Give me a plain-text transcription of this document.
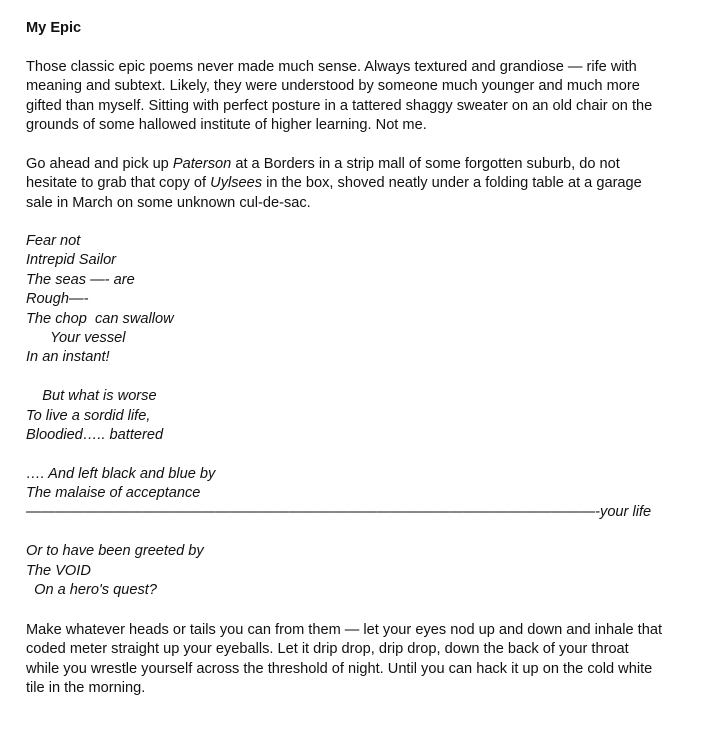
My Epic

Those classic epic poems never made much sense. Always textured and grandiose — rife with meaning and subtext. Likely, they were understood by someone much younger and much more gifted than myself. Sitting with perfect posture in a tattered shaggy sweater on an old chair on the grounds of some hallowed institute of higher learning. Not me.

Go ahead and pick up Paterson at a Borders in a strip mall of some forgotten suburb, do not hesitate to grab that copy of Uylsees in the box, shoved neatly under a folding table at a garage sale in March on some unknown cul-de-sac.

Fear not
Intrepid Sailor
The seas —- are
Rough—-
The chop  can swallow
Your vessel
In an instant!
But what is worse
To live a sordid life,
Bloodied….. battered
…. And left black and blue by
The malaise of acceptance
———————————————————————————————————————-your life
Or to have been greeted by
The VOID
On a hero's quest?

Make whatever heads or tails you can from them — let your eyes nod up and down and inhale that coded meter straight up your eyeballs. Let it drip drop, drip drop, down the back of your throat while you wrestle yourself across the threshold of night. Until you can hack it up on the cold white tile in the morning.
